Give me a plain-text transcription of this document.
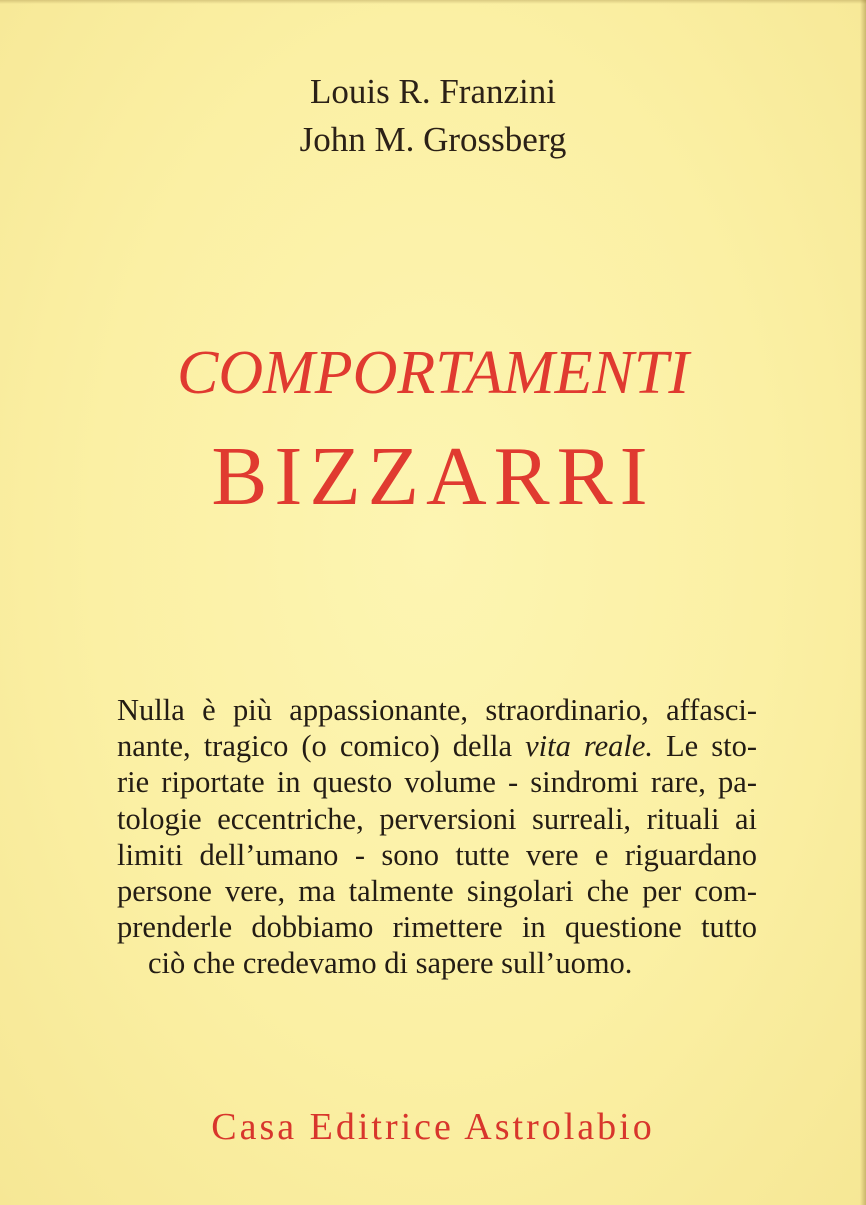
Louis R. Franzini
John M. Grossberg
COMPORTAMENTI
BIZZARRI
Nulla è più appassionante, straordinario, affasci-
nante, tragico (o comico) della vita reale. Le sto-
rie riportate in questo volume - sindromi rare, pa-
tologie eccentriche, perversioni surreali, rituali ai
limiti dell’umano - sono tutte vere e riguardano
persone vere, ma talmente singolari che per com-
prenderle dobbiamo rimettere in questione tutto
ciò che credevamo di sapere sull’uomo.
Casa Editrice Astrolabio
